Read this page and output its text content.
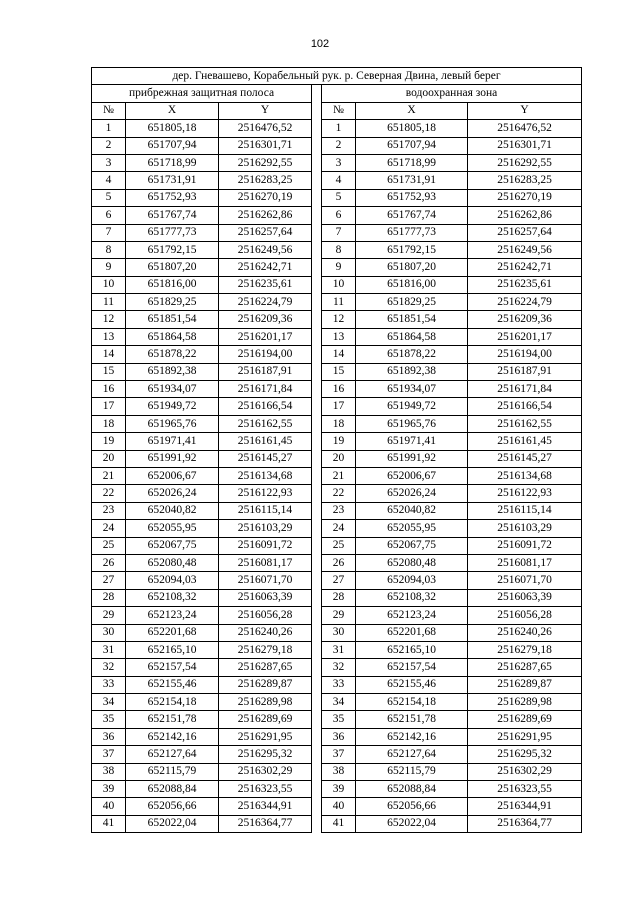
102
дер. Гневашево, Корабельный рук. р. Северная Двина, левый берег						
прибрежная защитная полоса				водоохранная зона		
№	X	Y		№	X	Y
1	651805,18	2516476,52		1	651805,18	2516476,52
2	651707,94	2516301,71		2	651707,94	2516301,71
3	651718,99	2516292,55		3	651718,99	2516292,55
4	651731,91	2516283,25		4	651731,91	2516283,25
5	651752,93	2516270,19		5	651752,93	2516270,19
6	651767,74	2516262,86		6	651767,74	2516262,86
7	651777,73	2516257,64		7	651777,73	2516257,64
8	651792,15	2516249,56		8	651792,15	2516249,56
9	651807,20	2516242,71		9	651807,20	2516242,71
10	651816,00	2516235,61		10	651816,00	2516235,61
11	651829,25	2516224,79		11	651829,25	2516224,79
12	651851,54	2516209,36		12	651851,54	2516209,36
13	651864,58	2516201,17		13	651864,58	2516201,17
14	651878,22	2516194,00		14	651878,22	2516194,00
15	651892,38	2516187,91		15	651892,38	2516187,91
16	651934,07	2516171,84		16	651934,07	2516171,84
17	651949,72	2516166,54		17	651949,72	2516166,54
18	651965,76	2516162,55		18	651965,76	2516162,55
19	651971,41	2516161,45		19	651971,41	2516161,45
20	651991,92	2516145,27		20	651991,92	2516145,27
21	652006,67	2516134,68		21	652006,67	2516134,68
22	652026,24	2516122,93		22	652026,24	2516122,93
23	652040,82	2516115,14		23	652040,82	2516115,14
24	652055,95	2516103,29		24	652055,95	2516103,29
25	652067,75	2516091,72		25	652067,75	2516091,72
26	652080,48	2516081,17		26	652080,48	2516081,17
27	652094,03	2516071,70		27	652094,03	2516071,70
28	652108,32	2516063,39		28	652108,32	2516063,39
29	652123,24	2516056,28		29	652123,24	2516056,28
30	652201,68	2516240,26		30	652201,68	2516240,26
31	652165,10	2516279,18		31	652165,10	2516279,18
32	652157,54	2516287,65		32	652157,54	2516287,65
33	652155,46	2516289,87		33	652155,46	2516289,87
34	652154,18	2516289,98		34	652154,18	2516289,98
35	652151,78	2516289,69		35	652151,78	2516289,69
36	652142,16	2516291,95		36	652142,16	2516291,95
37	652127,64	2516295,32		37	652127,64	2516295,32
38	652115,79	2516302,29		38	652115,79	2516302,29
39	652088,84	2516323,55		39	652088,84	2516323,55
40	652056,66	2516344,91		40	652056,66	2516344,91
41	652022,04	2516364,77		41	652022,04	2516364,77
